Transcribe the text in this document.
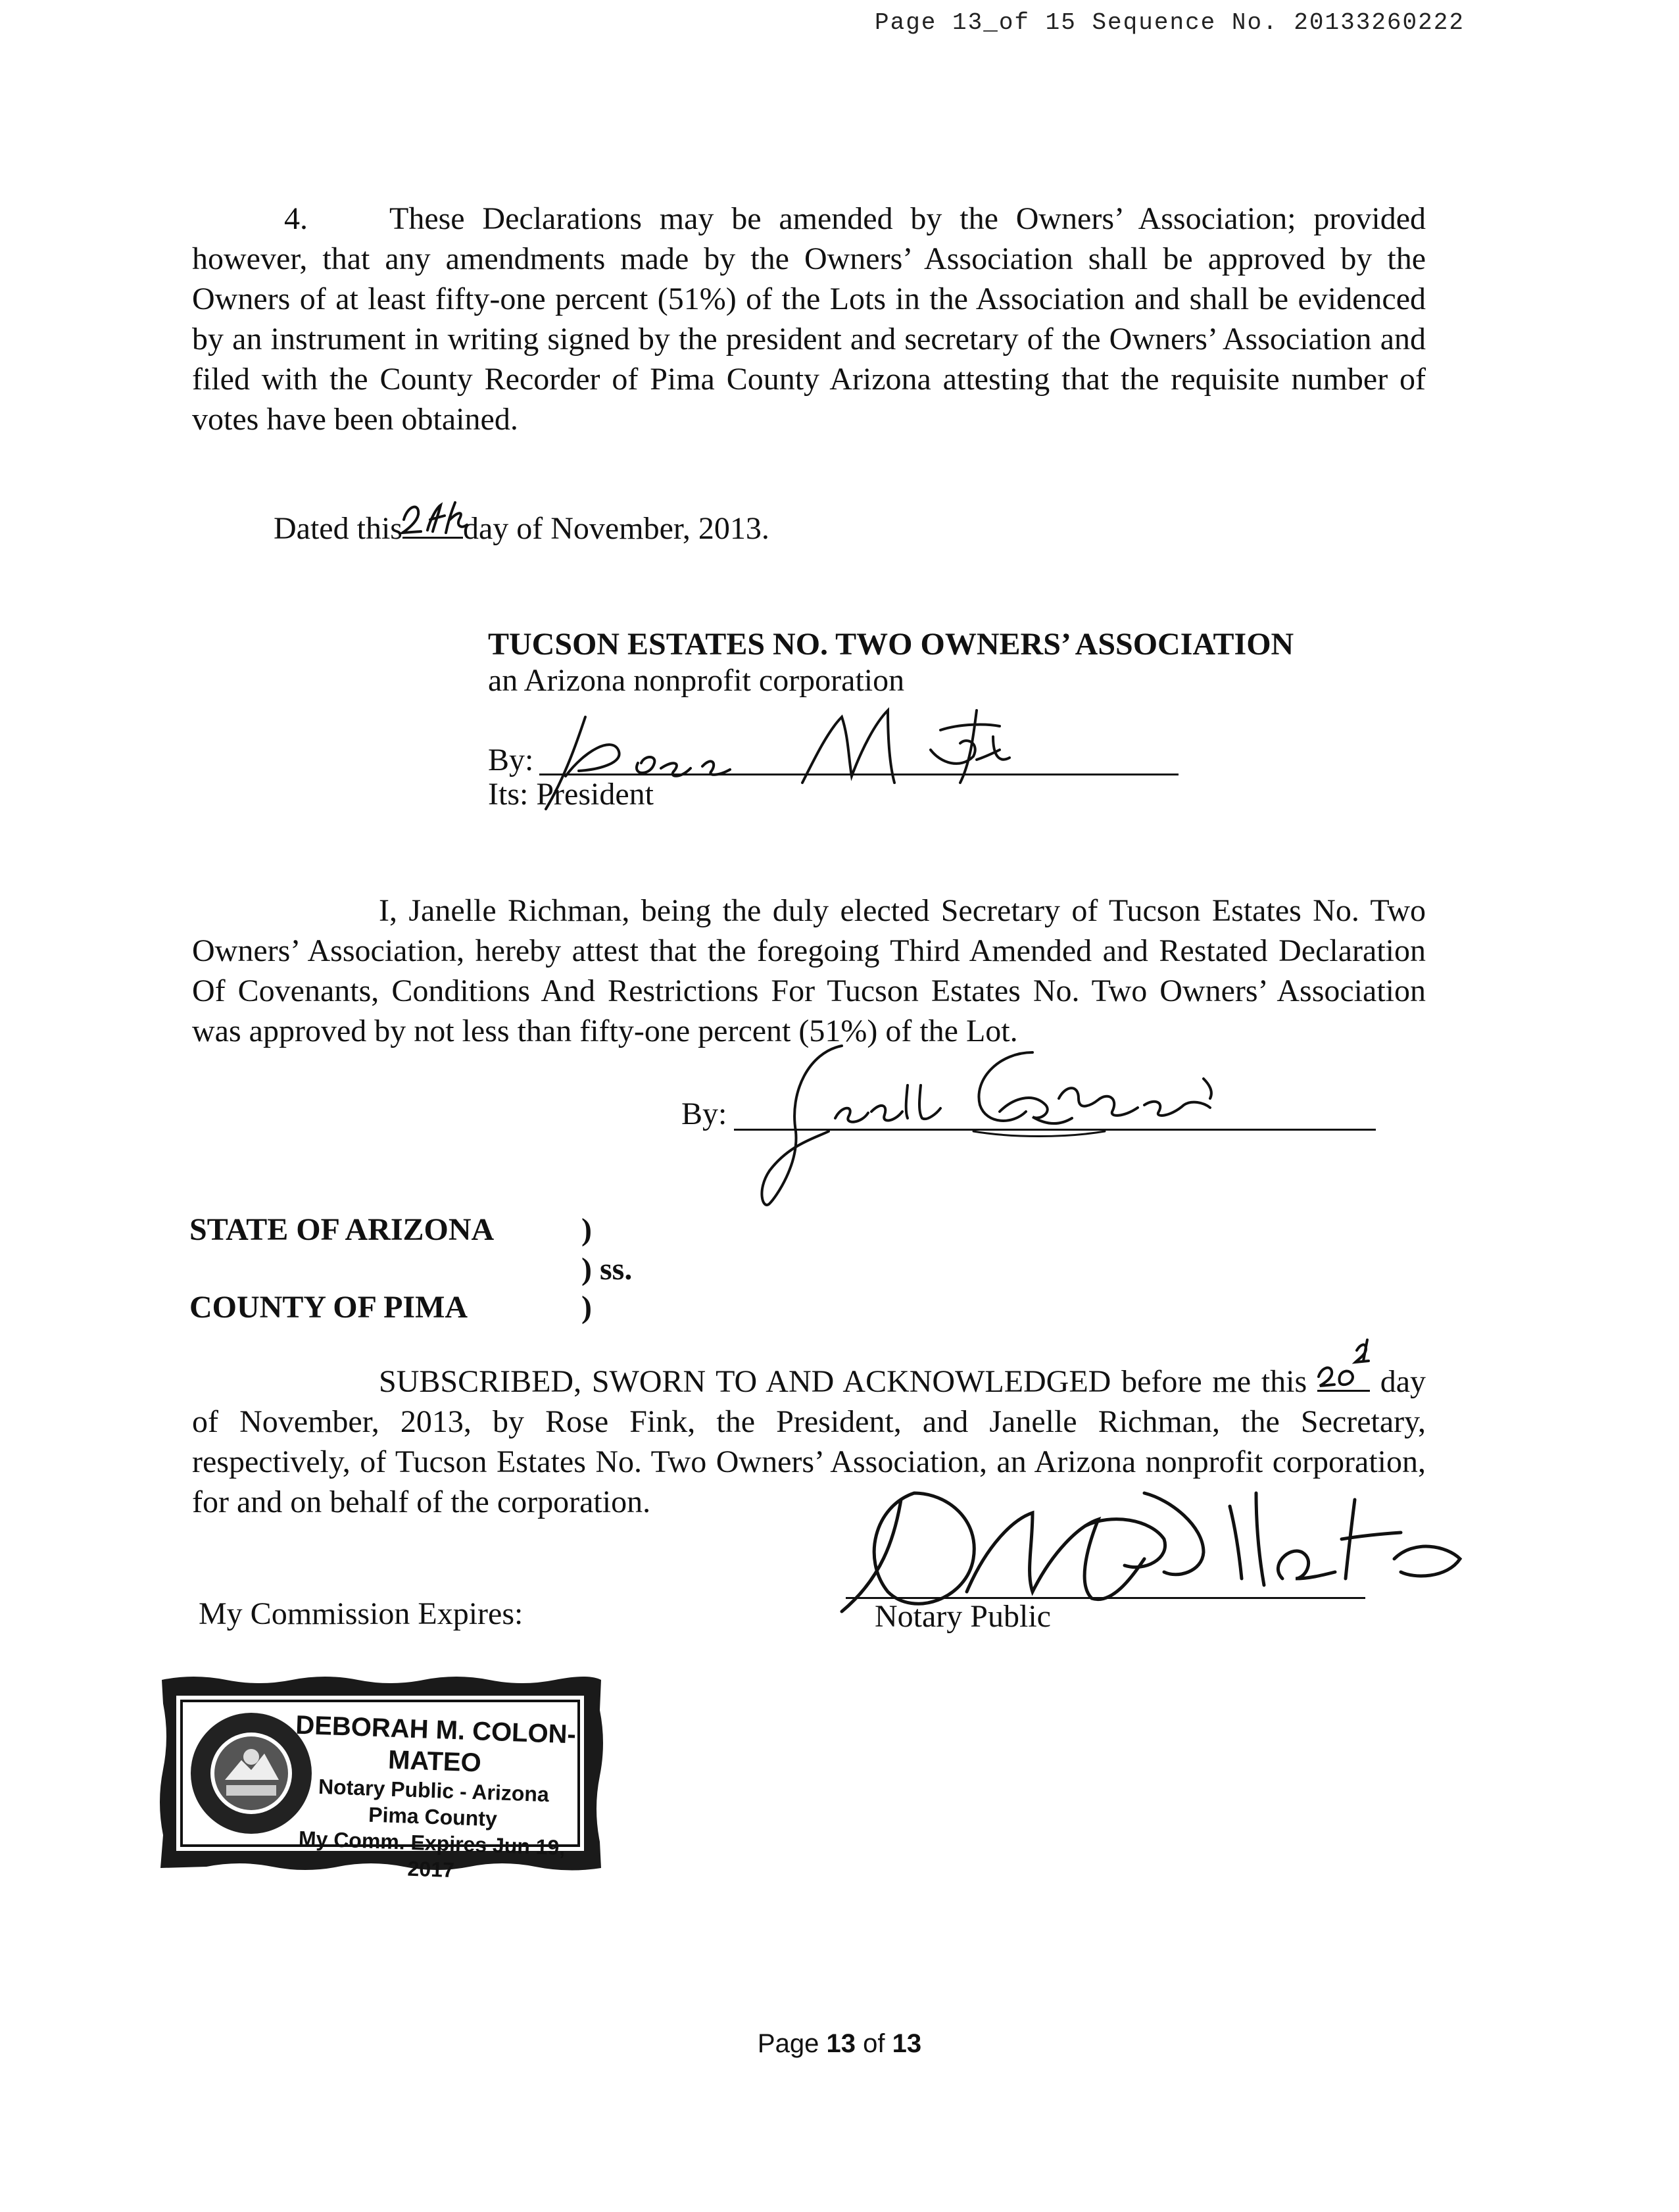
Page 13_of 15 Sequence No. 20133260222
4.	These Declarations may be amended by the Owners’ Association; provided however, that any amendments made by the Owners’ Association shall be approved by the Owners of at least fifty-one percent (51%) of the Lots in the Association and shall be evidenced by an instrument in writing signed by the president and secretary of the Owners’ Association and filed with the County Recorder of Pima County Arizona attesting that the requisite number of votes have been obtained.
Dated this day of November, 2013.
TUCSON ESTATES NO. TWO OWNERS’ ASSOCIATION
an Arizona nonprofit corporation
By:
Its: President
I, Janelle Richman, being the duly elected Secretary of Tucson Estates No. Two Owners’ Association, hereby attest that the foregoing Third Amended and Restated Declaration Of Covenants, Conditions And Restrictions For Tucson Estates No. Two Owners’ Association was approved by not less than fifty-one percent (51%) of the Lot.
By:
STATE OF ARIZONA	)
) ss.
COUNTY OF PIMA	)
SUBSCRIBED, SWORN TO AND ACKNOWLEDGED before me this day of November, 2013, by Rose Fink, the President, and Janelle Richman, the Secretary, respectively, of Tucson Estates No. Two Owners’ Association, an Arizona nonprofit corporation, for and on behalf of the corporation.
Notary Public
My Commission Expires:
DEBORAH M. COLON-MATEO
Notary Public - Arizona
Pima County
My Comm. Expires Jun 19, 2017
Page 13 of 13
